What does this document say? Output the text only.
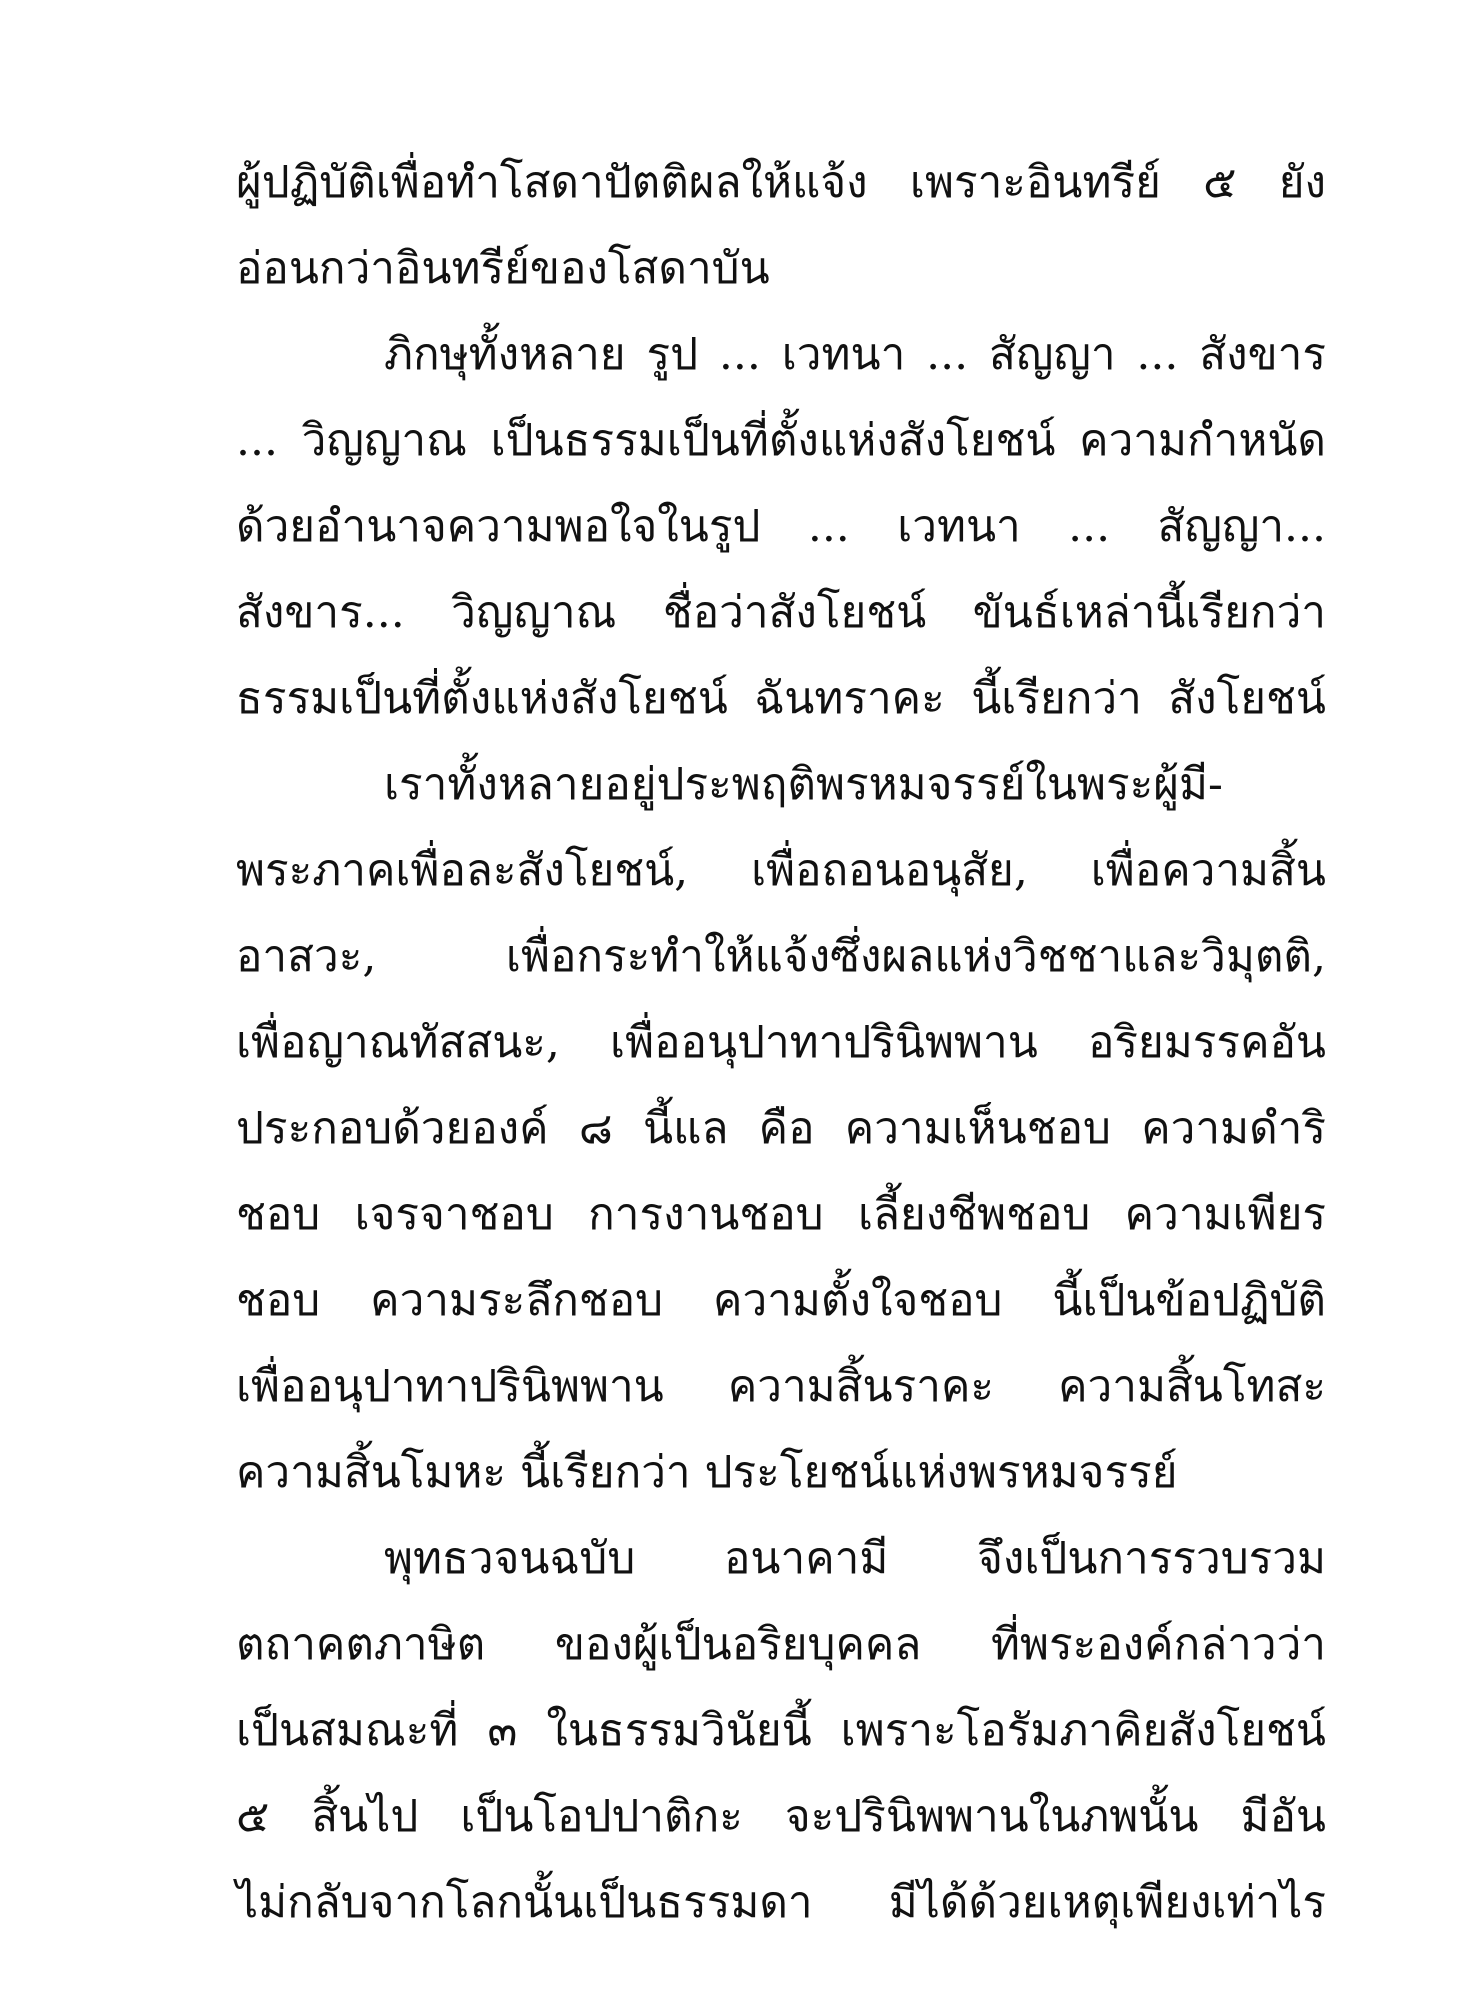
ผู้ปฏิบัติเพื่อทำโสดาปัตติผลให้แจ้ง เพราะอินทรีย์ ๕ ยัง
อ่อนกว่าอินทรีย์ของโสดาบัน
ภิกษุทั้งหลาย รูป ... เวทนา ... สัญญา ... สังขาร
... วิญญาณ เป็นธรรมเป็นที่ตั้งแห่งสังโยชน์ ความกำหนัด
ด้วยอำนาจความพอใจในรูป ... เวทนา ... สัญญา...
สังขาร... วิญญาณ ชื่อว่าสังโยชน์ ขันธ์เหล่านี้เรียกว่า
ธรรมเป็นที่ตั้งแห่งสังโยชน์ ฉันทราคะ นี้เรียกว่า สังโยชน์
เราทั้งหลายอยู่ประพฤติพรหมจรรย์ในพระผู้มี-
พระภาคเพื่อละสังโยชน์, เพื่อถอนอนุสัย, เพื่อความสิ้น
อาสวะ, เพื่อกระทำให้แจ้งซึ่งผลแห่งวิชชาและวิมุตติ,
เพื่อญาณทัสสนะ, เพื่ออนุปาทาปรินิพพาน อริยมรรคอัน
ประกอบด้วยองค์ ๘ นี้แล คือ ความเห็นชอบ ความดำริ
ชอบ เจรจาชอบ การงานชอบ เลี้ยงชีพชอบ ความเพียร
ชอบ ความระลึกชอบ ความตั้งใจชอบ นี้เป็นข้อปฏิบัติ
เพื่ออนุปาทาปรินิพพาน ความสิ้นราคะ ความสิ้นโทสะ
ความสิ้นโมหะ นี้เรียกว่า ประโยชน์แห่งพรหมจรรย์
พุทธวจนฉบับ อนาคามี จึงเป็นการรวบรวม
ตถาคตภาษิต ของผู้เป็นอริยบุคคล ที่พระองค์กล่าวว่า
เป็นสมณะที่ ๓ ในธรรมวินัยนี้ เพราะโอรัมภาคิยสังโยชน์
๕ สิ้นไป เป็นโอปปาติกะ จะปรินิพพานในภพนั้น มีอัน
ไม่กลับจากโลกนั้นเป็นธรรมดา มีได้ด้วยเหตุเพียงเท่าไร
